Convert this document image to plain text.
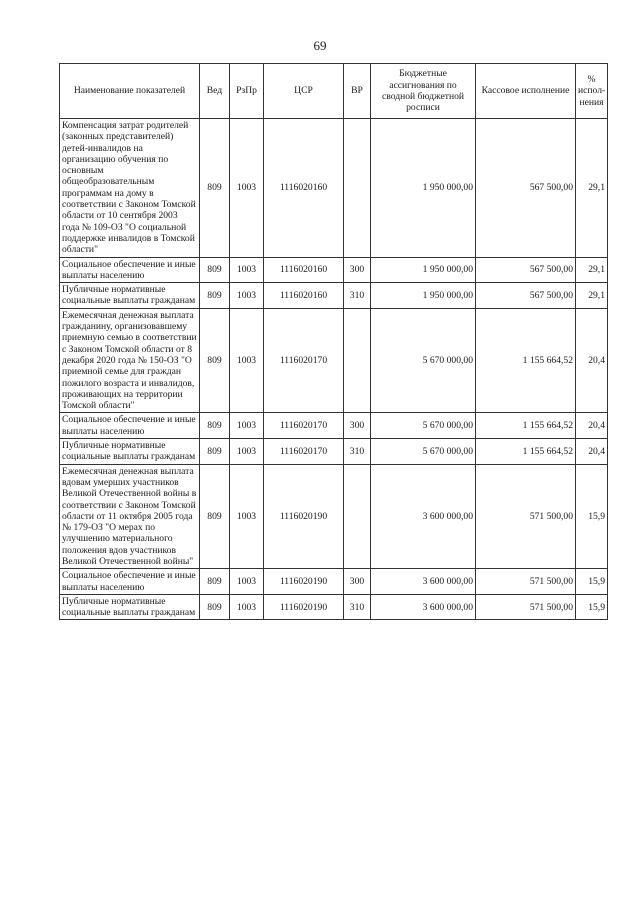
69
Наименование показателей	Вед	РзПр	ЦСР	ВР	Бюджетные ассигнования по сводной бюджетной росписи	Кассовое исполнение	% испол-нения
Компенсация затрат родителей (законных представителей) детей-инвалидов на организацию обучения по основным общеобразовательным программам на дому в соответствии с Законом Томской области от 10 сентября 2003 года № 109-ОЗ "О социальной поддержке инвалидов в Томской области"	809	1003	1116020160		1 950 000,00	567 500,00	29,1
Социальное обеспечение и иные выплаты населению	809	1003	1116020160	300	1 950 000,00	567 500,00	29,1
Публичные нормативные социальные выплаты гражданам	809	1003	1116020160	310	1 950 000,00	567 500,00	29,1
Ежемесячная денежная выплата гражданину, организовавшему приемную семью в соответствии с Законом Томской области от 8 декабря 2020 года № 150-ОЗ "О приемной семье для граждан пожилого возраста и инвалидов, проживающих на территории Томской области"	809	1003	1116020170		5 670 000,00	1 155 664,52	20,4
Социальное обеспечение и иные выплаты населению	809	1003	1116020170	300	5 670 000,00	1 155 664,52	20,4
Публичные нормативные социальные выплаты гражданам	809	1003	1116020170	310	5 670 000,00	1 155 664,52	20,4
Ежемесячная денежная выплата вдовам умерших участников Великой Отечественной войны в соответствии с Законом Томской области от 11 октября 2005 года № 179-ОЗ "О мерах по улучшению материального положения вдов участников Великой Отечественной войны"	809	1003	1116020190		3 600 000,00	571 500,00	15,9
Социальное обеспечение и иные выплаты населению	809	1003	1116020190	300	3 600 000,00	571 500,00	15,9
Публичные нормативные социальные выплаты гражданам	809	1003	1116020190	310	3 600 000,00	571 500,00	15,9
